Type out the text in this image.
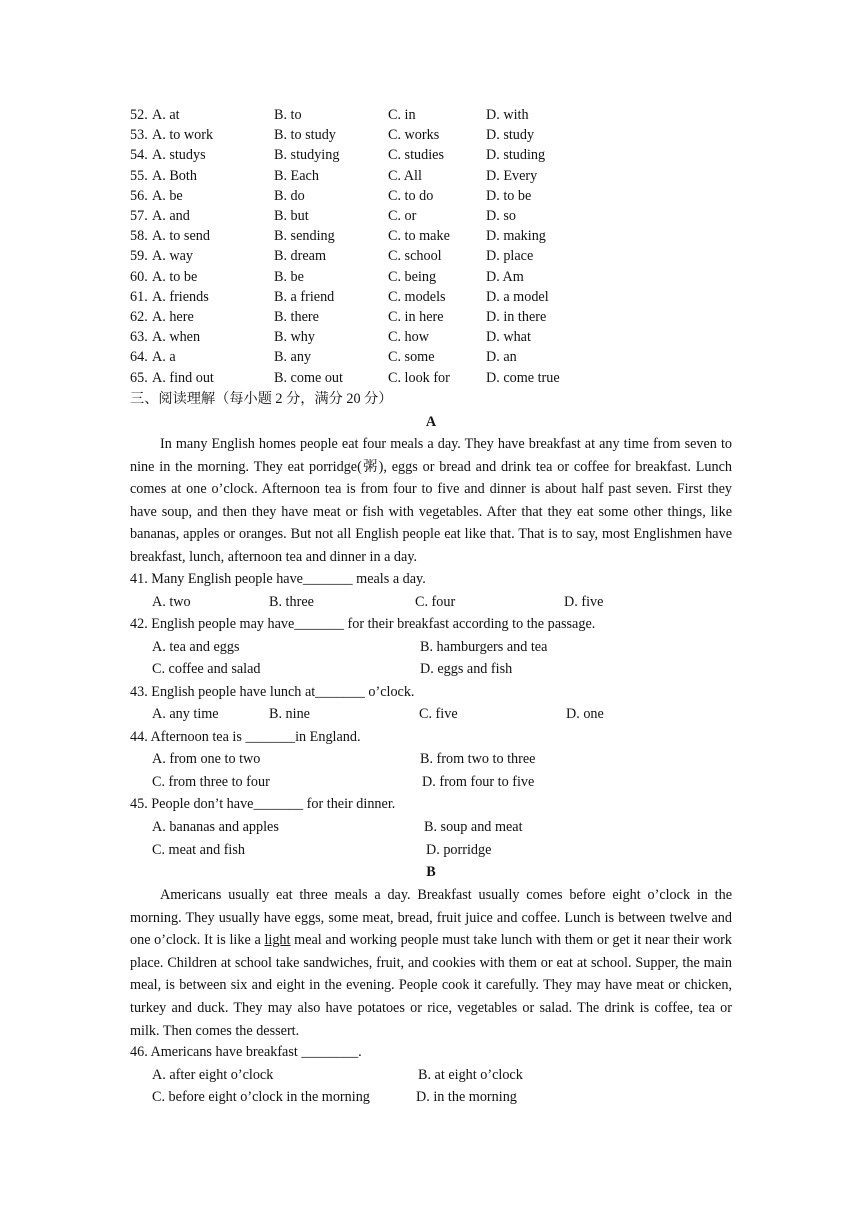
52. A. at	B. to	C. in	D. with
53. A. to work	B. to study	C. works	D. study
54. A. studys	B. studying	C. studies	D. studing
55. A. Both	B. Each	C. All	D. Every
56. A. be	B. do	C. to do	D. to be
57. A. and	B. but	C. or	D. so
58. A. to send	B. sending	C. to make	D. making
59. A. way	B. dream	C. school	D. place
60. A. to be	B. be	C. being	D. Am
61. A. friends	B. a friend	C. models	D. a model
62. A. here	B. there	C. in here	D. in there
63. A. when	B. why	C. how	D. what
64. A. a	B. any	C. some	D. an
65. A. find out	B. come out	C. look for	D. come true
三、阅读理解（每小题 2 分，满分 20 分）
A

In many English homes people eat four meals a day. They have breakfast at any time from seven to nine in the morning. They eat porridge(粥), eggs or bread and drink tea or coffee for breakfast. Lunch comes at one o’clock. Afternoon tea is from four to five and dinner is about half past seven. First they have soup, and then they have meat or fish with vegetables. After that they eat some other things, like bananas, apples or oranges. But not all English people eat like that. That is to say, most Englishmen have breakfast, lunch, afternoon tea and dinner in a day.

41. Many English people have_______ meals a day.
A. two	B. three	C. four	D. five
42. English people may have_______ for their breakfast according to the passage.
A. tea and eggs	B. hamburgers and tea
C. coffee and salad	D. eggs and fish
43. English people have lunch at_______ o’clock.
A. any time	B. nine	C. five	D. one
44. Afternoon tea is _______in England.
A. from one to two	B. from two to three
C. from three to four	D. from four to five
45. People don’t have_______ for their dinner.
A. bananas and apples	B. soup and meat
C. meat and fish	D. porridge
B

Americans usually eat three meals a day. Breakfast usually comes before eight o’clock in the morning. They usually have eggs, some meat, bread, fruit juice and coffee. Lunch is between twelve and one o’clock. It is like a light meal and working people must take lunch with them or get it near their work place. Children at school take sandwiches, fruit, and cookies with them or eat at school. Supper, the main meal, is between six and eight in the evening. People cook it carefully. They may have meat or chicken, turkey and duck. They may also have potatoes or rice, vegetables or salad. The drink is coffee, tea or milk. Then comes the dessert.

46. Americans have breakfast ________.
A. after eight o’clock	B. at eight o’clock
C. before eight o’clock in the morning	D. in the morning
